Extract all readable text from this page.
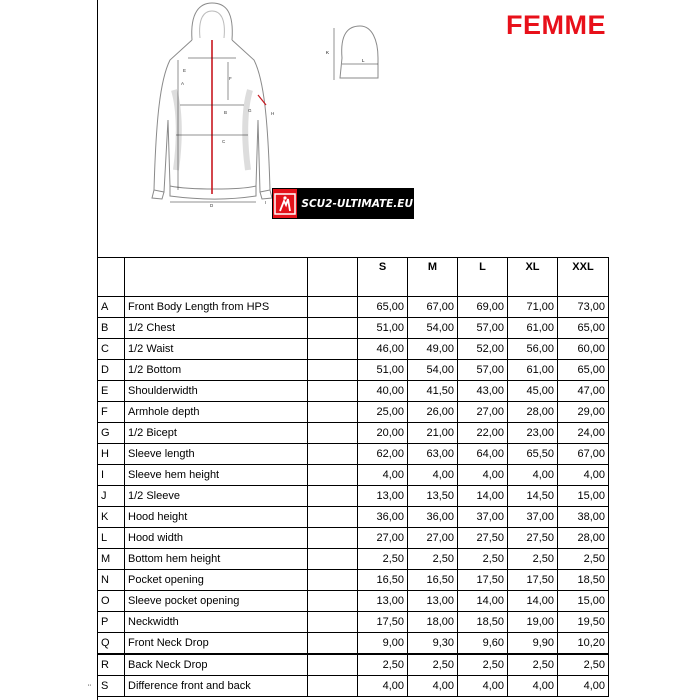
FEMME
A
B
C
D
E
F
G
H
I
K
L
SCU2-ULTIMATE.EU
			S	M	L	XL	XXL
A	Front Body Length from HPS		65,00	67,00	69,00	71,00	73,00
B	1/2 Chest		51,00	54,00	57,00	61,00	65,00
C	1/2 Waist		46,00	49,00	52,00	56,00	60,00
D	1/2 Bottom		51,00	54,00	57,00	61,00	65,00
E	Shoulderwidth		40,00	41,50	43,00	45,00	47,00
F	Armhole depth		25,00	26,00	27,00	28,00	29,00
G	1/2 Bicept		20,00	21,00	22,00	23,00	24,00
H	Sleeve length		62,00	63,00	64,00	65,50	67,00
I	Sleeve hem height		4,00	4,00	4,00	4,00	4,00
J	1/2 Sleeve		13,00	13,50	14,00	14,50	15,00
K	Hood height		36,00	36,00	37,00	37,00	38,00
L	Hood width		27,00	27,00	27,50	27,50	28,00
M	Bottom hem height		2,50	2,50	2,50	2,50	2,50
N	Pocket opening		16,50	16,50	17,50	17,50	18,50
O	Sleeve pocket opening		13,00	13,00	14,00	14,00	15,00
P	Neckwidth		17,50	18,00	18,50	19,00	19,50
Q	Front Neck Drop		9,00	9,30	9,60	9,90	10,20
R	Back Neck Drop		2,50	2,50	2,50	2,50	2,50
S	Difference front and back		4,00	4,00	4,00	4,00	4,00
¨
